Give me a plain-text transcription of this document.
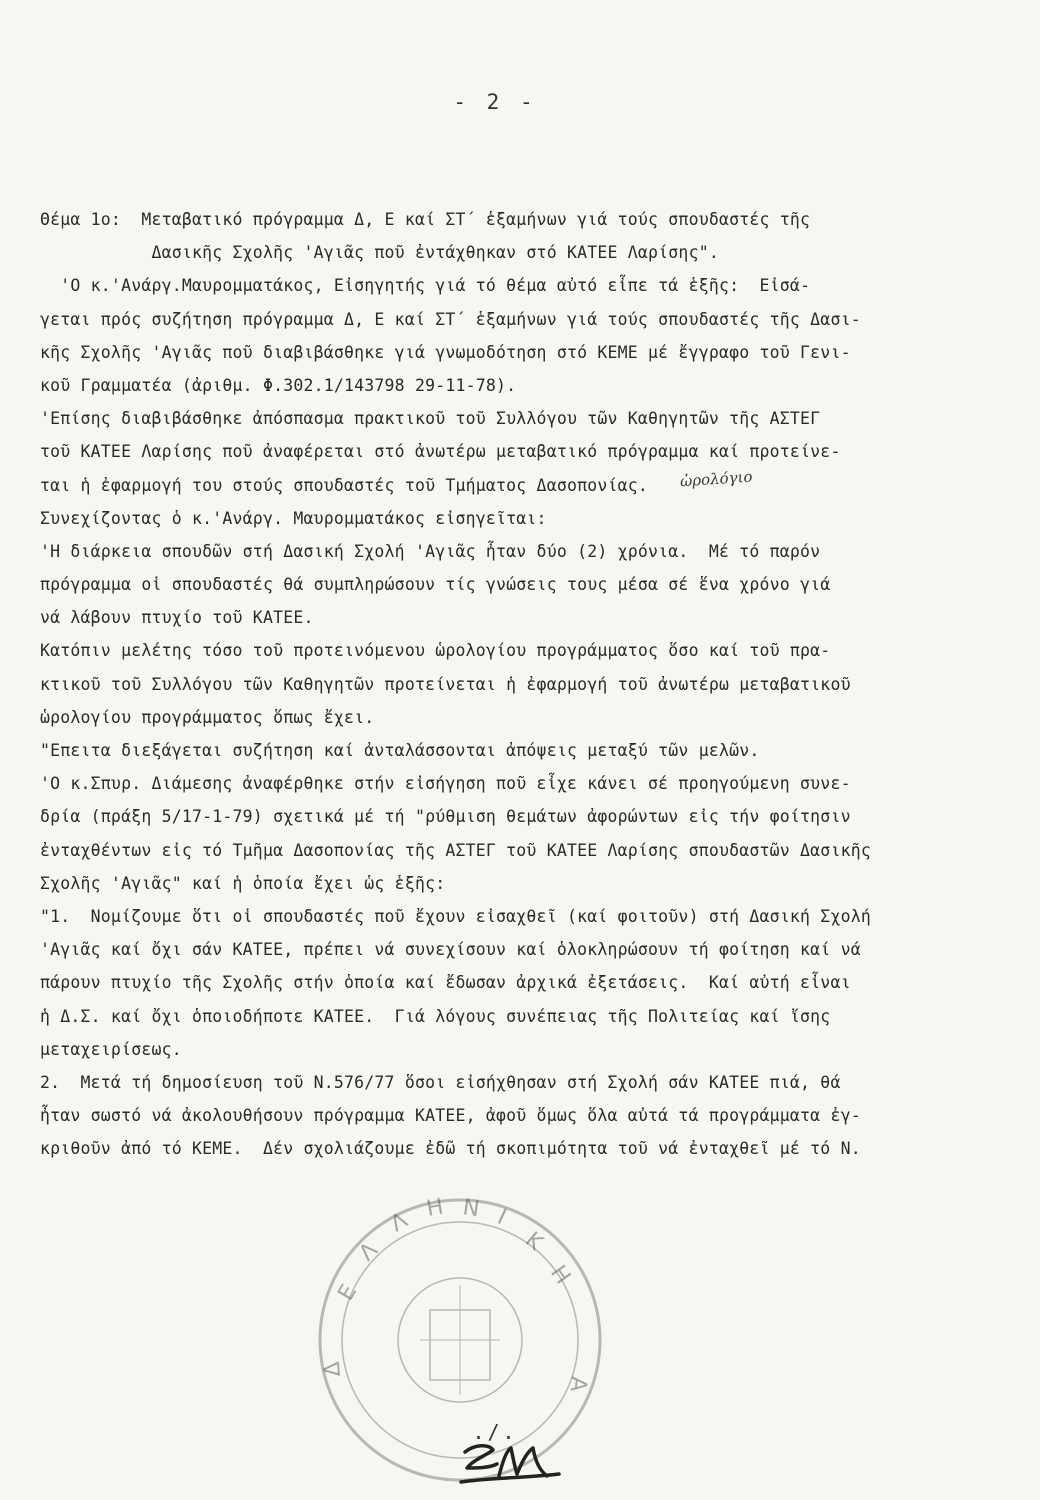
- 2 -
Θέμα 1ο:  Μεταβατικό πρόγραμμα Δ, Ε καί ΣΤ΄ ἑξαμήνων γιά τούς σπουδαστές τῆς
Δασικῆς Σχολῆς 'Αγιᾶς ποῦ ἐντάχθηκαν στό ΚΑΤΕΕ Λαρίσης".
'Ο κ.'Ανάργ.Μαυρομματάκος, Εἰσηγητής γιά τό θέμα αὐτό εἶπε τά ἑξῆς:  Εἰσά-
γεται πρός συζήτηση πρόγραμμα Δ, Ε καί ΣΤ΄ ἑξαμήνων γιά τούς σπουδαστές τῆς Δασι-
κῆς Σχολῆς 'Αγιᾶς ποῦ διαβιβάσθηκε γιά γνωμοδότηση στό ΚΕΜΕ μέ ἔγγραφο τοῦ Γενι-
κοῦ Γραμματέα (ἀριθμ. Φ.302.1/143798 29-11-78).
'Επίσης διαβιβάσθηκε ἀπόσπασμα πρακτικοῦ τοῦ Συλλόγου τῶν Καθηγητῶν τῆς ΑΣΤΕΓ
τοῦ ΚΑΤΕΕ Λαρίσης ποῦ ἀναφέρεται στό ἀνωτέρω μεταβατικό πρόγραμμα καί προτείνε-
ται ἡ ἐφαρμογή του στούς σπουδαστές τοῦ Τμήματος Δασοπονίας.
Συνεχίζοντας ὁ κ.'Ανάργ. Μαυρομματάκος εἰσηγεῖται:
'Η διάρκεια σπουδῶν στή Δασική Σχολή 'Αγιᾶς ἦταν δύο (2) χρόνια.  Μέ τό παρόν
πρόγραμμα οἱ σπουδαστές θά συμπληρώσουν τίς γνώσεις τους μέσα σέ ἕνα χρόνο γιά
νά λάβουν πτυχίο τοῦ ΚΑΤΕΕ.
Κατόπιν μελέτης τόσο τοῦ προτεινόμενου ὡρολογίου προγράμματος ὅσο καί τοῦ πρα-
κτικοῦ τοῦ Συλλόγου τῶν Καθηγητῶν προτείνεται ἡ ἐφαρμογή τοῦ ἀνωτέρω μεταβατικοῦ
ὡρολογίου προγράμματος ὅπως ἔχει.
"Επειτα διεξάγεται συζήτηση καί ἀνταλάσσονται ἀπόψεις μεταξύ τῶν μελῶν.
'Ο κ.Σπυρ. Διάμεσης ἀναφέρθηκε στήν εἰσήγηση ποῦ εἶχε κάνει σέ προηγούμενη συνε-
δρία (πράξη 5/17-1-79) σχετικά μέ τή "ρύθμιση θεμάτων ἀφορώντων εἰς τήν φοίτησιν
ἐνταχθέντων εἰς τό Τμῆμα Δασοπονίας τῆς ΑΣΤΕΓ τοῦ ΚΑΤΕΕ Λαρίσης σπουδαστῶν Δασικῆς
Σχολῆς 'Αγιᾶς" καί ἡ ὁποία ἔχει ὡς ἑξῆς:
"1.  Νομίζουμε ὅτι οἱ σπουδαστές ποῦ ἔχουν εἰσαχθεῖ (καί φοιτοῦν) στή Δασική Σχολή
'Αγιᾶς καί ὄχι σάν ΚΑΤΕΕ, πρέπει νά συνεχίσουν καί ὁλοκληρώσουν τή φοίτηση καί νά
πάρουν πτυχίο τῆς Σχολῆς στήν ὁποία καί ἔδωσαν ἀρχικά ἐξετάσεις.  Καί αὐτή εἶναι
ἡ Δ.Σ. καί ὄχι ὁποιοδήποτε ΚΑΤΕΕ.  Γιά λόγους συνέπειας τῆς Πολιτείας καί ἴσης
μεταχειρίσεως.
2.  Μετά τή δημοσίευση τοῦ Ν.576/77 ὅσοι εἰσήχθησαν στή Σχολή σάν ΚΑΤΕΕ πιά, θά
ἦταν σωστό νά ἀκολουθήσουν πρόγραμμα ΚΑΤΕΕ, ἀφοῦ ὅμως ὅλα αὐτά τά προγράμματα ἐγ-
κριθοῦν ἀπό τό ΚΕΜΕ.  Δέν σχολιάζουμε ἐδῶ τή σκοπιμότητα τοῦ νά ἐνταχθεῖ μέ τό Ν.
ὡρολόγιο
Ε
Λ
Λ Η Ν Ι
Κ
Η
Δ
Α
./.
